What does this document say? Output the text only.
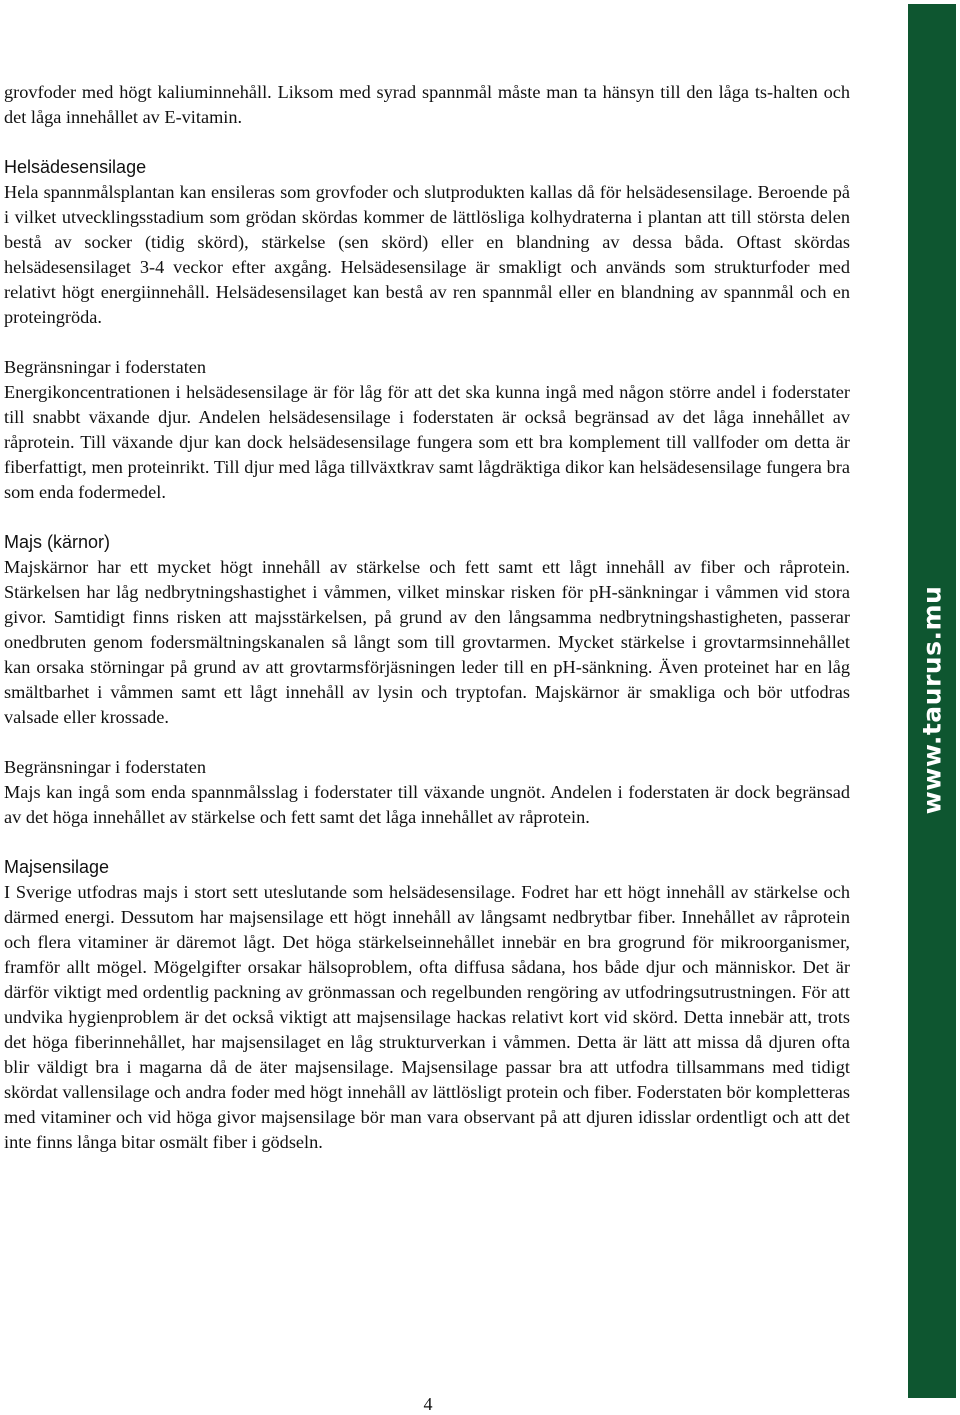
grovfoder med högt kaliuminnehåll. Liksom med syrad spannmål måste man ta hänsyn till den låga ts-halten och det låga innehållet av E-vitamin.

Helsädesensilage

Hela spannmålsplantan kan ensileras som grovfoder och slutprodukten kallas då för helsädesensilage. Beroende på i vilket utvecklingsstadium som grödan skördas kommer de lättlösliga kolhydraterna i plantan att till största delen bestå av socker (tidig skörd), stärkelse (sen skörd) eller en blandning av dessa båda. Oftast skördas helsädesensilaget 3-4 veckor efter axgång. Helsädesensilage är smakligt och används som strukturfoder med relativt högt energiinnehåll. Helsädesensilaget kan bestå av ren spannmål eller en blandning av spannmål och en proteingröda.

Begränsningar i foderstaten

Energikoncentrationen i helsädesensilage är för låg för att det ska kunna ingå med någon större andel i foderstater till snabbt växande djur. Andelen helsädesensilage i foderstaten är också begränsad av det låga innehållet av råprotein. Till växande djur kan dock helsädesensilage fungera som ett bra komplement till vallfoder om detta är fiberfattigt, men proteinrikt. Till djur med låga tillväxtkrav samt lågdräktiga dikor kan helsädesensilage fungera bra som enda fodermedel.

Majs (kärnor)

Majskärnor har ett mycket högt innehåll av stärkelse och fett samt ett lågt innehåll av fiber och råprotein. Stärkelsen har låg nedbrytningshastighet i våmmen, vilket minskar risken för pH-sänkningar i våmmen vid stora givor. Samtidigt finns risken att majsstärkelsen, på grund av den långsamma nedbrytningshastigheten, passerar onedbruten genom fodersmältningskanalen så långt som till grovtarmen. Mycket stärkelse i grovtarmsinnehållet kan orsaka störningar på grund av att grovtarmsförjäsningen leder till en pH-sänkning. Även proteinet har en låg smältbarhet i våmmen samt ett lågt innehåll av lysin och tryptofan. Majskärnor är smakliga och bör utfodras valsade eller krossade.

Begränsningar i foderstaten

Majs kan ingå som enda spannmålsslag i foderstater till växande ungnöt. Andelen i foderstaten är dock begränsad av det höga innehållet av stärkelse och fett samt det låga innehållet av råprotein.

Majsensilage

I Sverige utfodras majs i stort sett uteslutande som helsädesensilage. Fodret har ett högt innehåll av stärkelse och därmed energi. Dessutom har majsensilage ett högt innehåll av långsamt nedbrytbar fiber. Innehållet av råprotein och flera vitaminer är däremot lågt. Det höga stärkelseinnehållet innebär en bra grogrund för mikroorganismer, framför allt mögel. Mögelgifter orsakar hälsoproblem, ofta diffusa sådana, hos både djur och människor. Det är därför viktigt med ordentlig packning av grönmassan och regelbunden rengöring av utfodringsutrustningen. För att undvika hygienproblem är det också viktigt att majsensilage hackas relativt kort vid skörd. Detta innebär att, trots det höga fiberinnehållet, har majsensilaget en låg strukturverkan i våmmen. Detta är lätt att missa då djuren ofta blir väldigt bra i magarna då de äter majsensilage. Majsensilage passar bra att utfodra tillsammans med tidigt skördat vallensilage och andra foder med högt innehåll av lättlösligt protein och fiber. Foderstaten bör kompletteras med vitaminer och vid höga givor majsensilage bör man vara observant på att djuren idisslar ordentligt och att det inte finns långa bitar osmält fiber i gödseln.

www.taurus.mu
4
